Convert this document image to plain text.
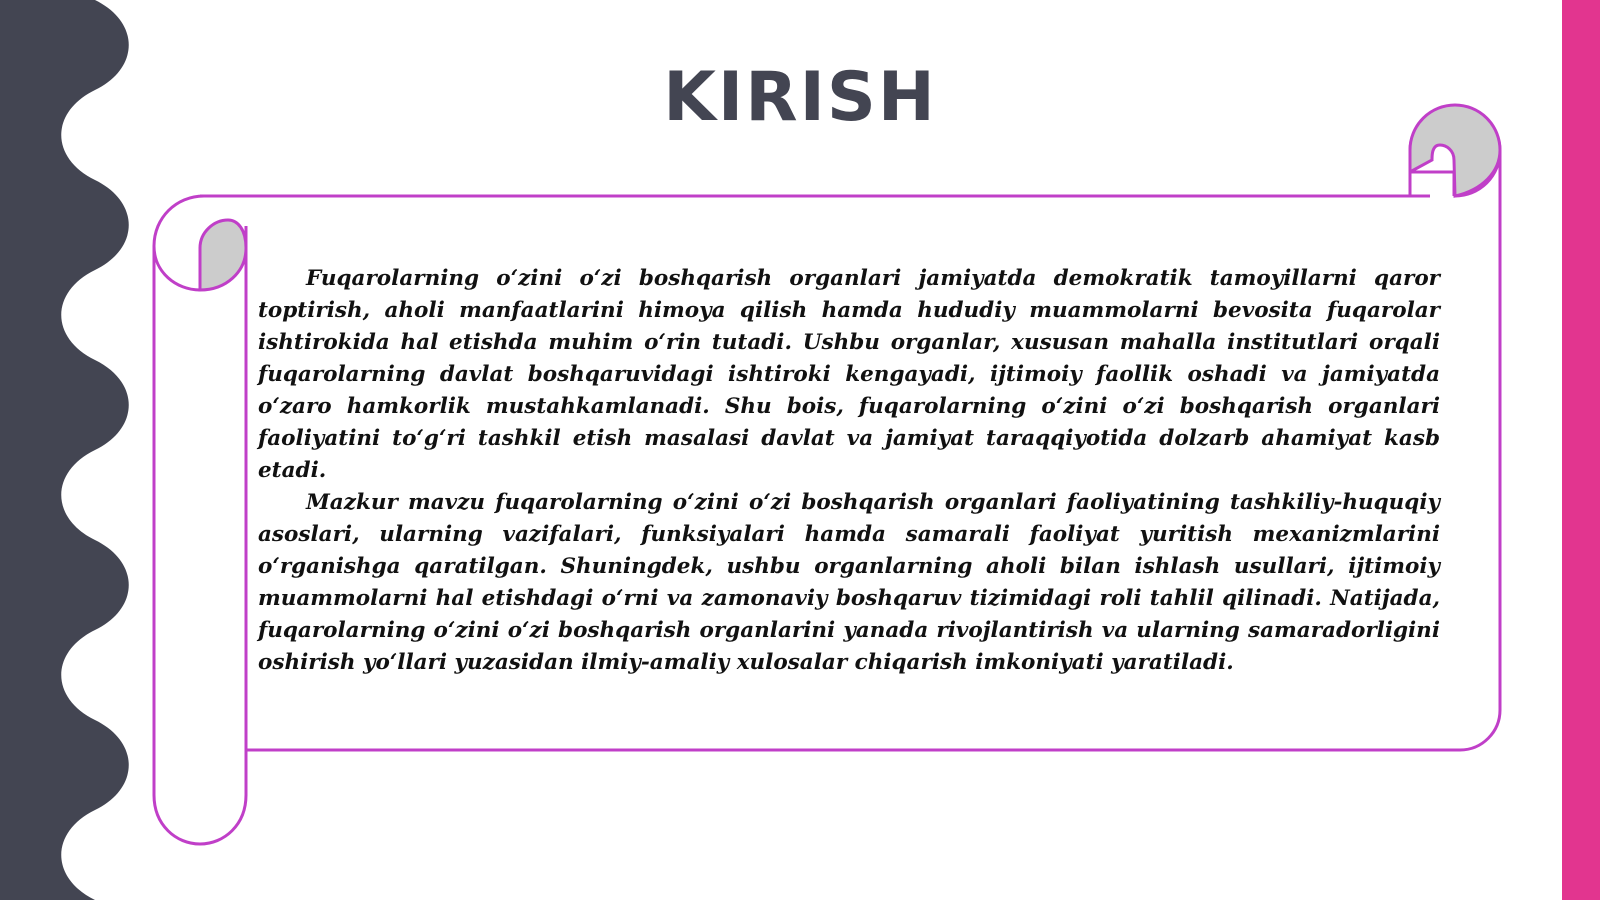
KIRISH

Fuqarolarning o‘zini o‘zi boshqarish organlari jamiyatda demokratik tamoyillarni qaror toptirish, aholi manfaatlarini himoya qilish hamda hududiy muammolarni bevosita fuqarolar ishtirokida hal etishda muhim o‘rin tutadi. Ushbu organlar, xususan mahalla institutlari orqali fuqarolarning davlat boshqaruvidagi ishtiroki kengayadi, ijtimoiy faollik oshadi va jamiyatda o‘zaro hamkorlik mustahkamlanadi. Shu bois, fuqarolarning o‘zini o‘zi boshqarish organlari faoliyatini to‘g‘ri tashkil etish masalasi davlat va jamiyat taraqqiyotida dolzarb ahamiyat kasb etadi.

Mazkur mavzu fuqarolarning o‘zini o‘zi boshqarish organlari faoliyatining tashkiliy-huquqiy asoslari, ularning vazifalari, funksiyalari hamda samarali faoliyat yuritish mexanizmlarini o‘rganishga qaratilgan. Shuningdek, ushbu organlarning aholi bilan ishlash usullari, ijtimoiy muammolarni hal etishdagi o‘rni va zamonaviy boshqaruv tizimidagi roli tahlil qilinadi. Natijada, fuqarolarning o‘zini o‘zi boshqarish organlarini yanada rivojlantirish va ularning samaradorligini oshirish yo‘llari yuzasidan ilmiy-amaliy xulosalar chiqarish imkoniyati yaratiladi.
